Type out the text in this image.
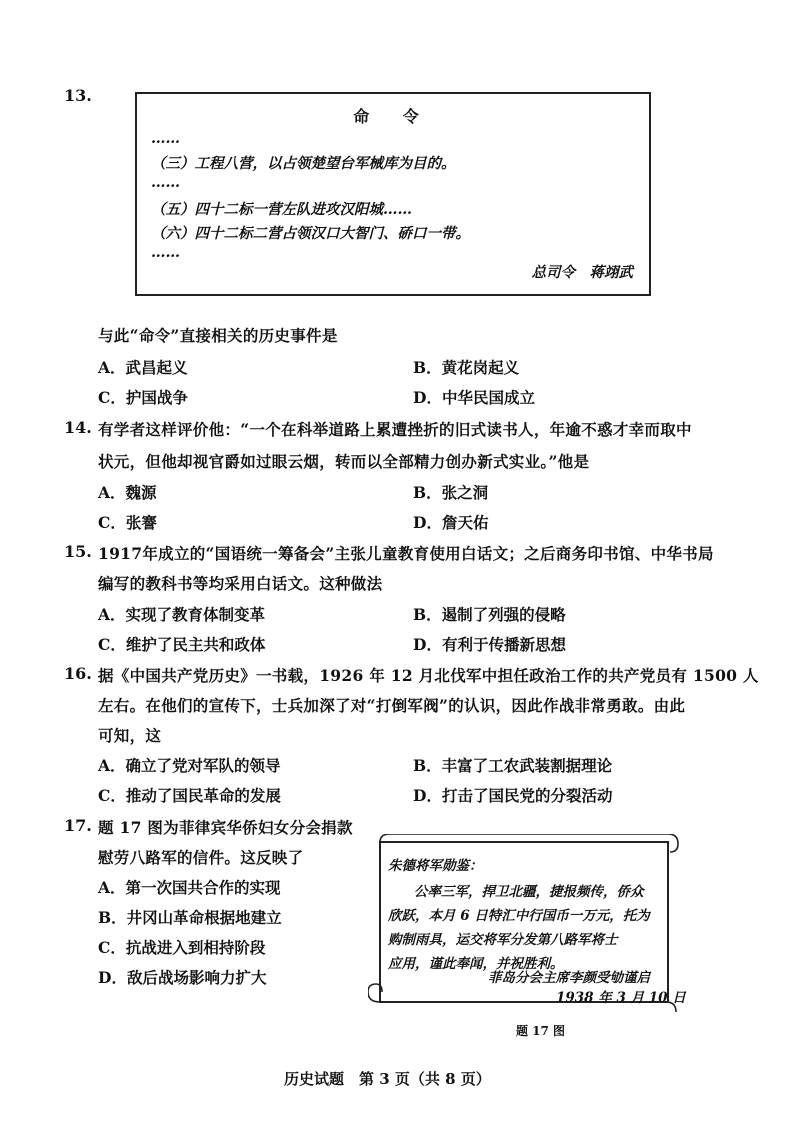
13.
命 令
……
（三）工程八营，以占领楚望台军械库为目的。
……
（五）四十二标一营左队进攻汉阳城……
（六）四十二标二营占领汉口大智门、硚口一带。
……
总司令　蒋翊武
与此“命令”直接相关的历史事件是
A．武昌起义	B．黄花岗起义
C．护国战争	D．中华民国成立
14. 有学者这样评价他：“一个在科举道路上累遭挫折的旧式读书人，年逾不惑才幸而取中
状元，但他却视官爵如过眼云烟，转而以全部精力创办新式实业。”他是
A．魏源	B．张之洞
C．张謇	D．詹天佑
15. 1917年成立的“国语统一筹备会”主张儿童教育使用白话文；之后商务印书馆、中华书局
编写的教科书等均采用白话文。这种做法
A．实现了教育体制变革	B．遏制了列强的侵略
C．维护了民主共和政体	D．有利于传播新思想
16. 据《中国共产党历史》一书载，1926 年 12 月北伐军中担任政治工作的共产党员有 1500 人
左右。在他们的宣传下，士兵加深了对“打倒军阀”的认识，因此作战非常勇敢。由此
可知，这
A．确立了党对军队的领导	B．丰富了工农武装割据理论
C．推动了国民革命的发展	D．打击了国民党的分裂活动
17. 题 17 图为菲律宾华侨妇女分会捐款
慰劳八路军的信件。这反映了
A．第一次国共合作的实现
B．井冈山革命根据地建立
C．抗战进入到相持阶段
D．敌后战场影响力扩大
朱德将军勋鉴：
公率三军，捍卫北疆，捷报频传，侨众
欣跃，本月 6 日特汇中行国币一万元，托为
购制雨具，运交将军分发第八路军将士
应用，谨此奉闻，并祝胜利。
菲岛分会主席李颜受劬谨启
1938 年 3 月 10 日
题 17 图
历史试题　第 3 页（共 8 页）
